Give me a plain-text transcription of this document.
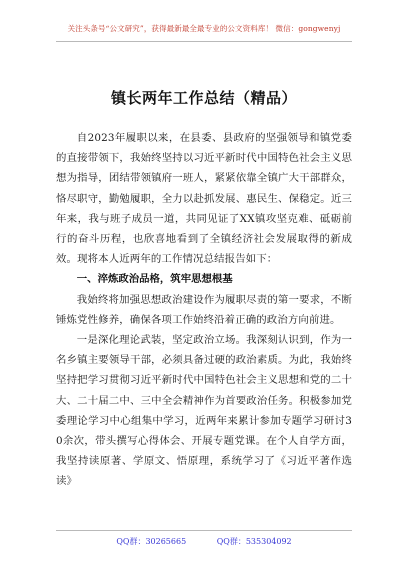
关注头条号“公文研究”，获得最新最全最专业的公文资料库！ 微信：gongwenyj
镇长两年工作总结（精品）

自2023年履职以来，在县委、县政府的坚强领导和镇党委的直接带领下，我始终坚持以习近平新时代中国特色社会主义思想为指导，团结带领镇府一班人，紧紧依靠全镇广大干部群众，恪尽职守，勤勉履职，全力以赴抓发展、惠民生、保稳定。近三年来，我与班子成员一道，共同见证了XX镇攻坚克难、砥砺前行的奋斗历程，也欣喜地看到了全镇经济社会发展取得的新成效。现将本人近两年的工作情况总结报告如下：

一、淬炼政治品格，筑牢思想根基

我始终将加强思想政治建设作为履职尽责的第一要求，不断锤炼党性修养，确保各项工作始终沿着正确的政治方向前进。

一是深化理论武装，坚定政治立场。我深刻认识到，作为一名乡镇主要领导干部，必须具备过硬的政治素质。为此，我始终坚持把学习贯彻习近平新时代中国特色社会主义思想和党的二十大、二十届二中、三中全会精神作为首要政治任务。积极参加党委理论学习中心组集中学习，近两年来累计参加专题学习研讨30余次，带头撰写心得体会、开展专题党课。在个人自学方面，我坚持读原著、学原文、悟原理，系统学习了《习近平著作选读》

QQ群：30265665	QQ群：535304092
